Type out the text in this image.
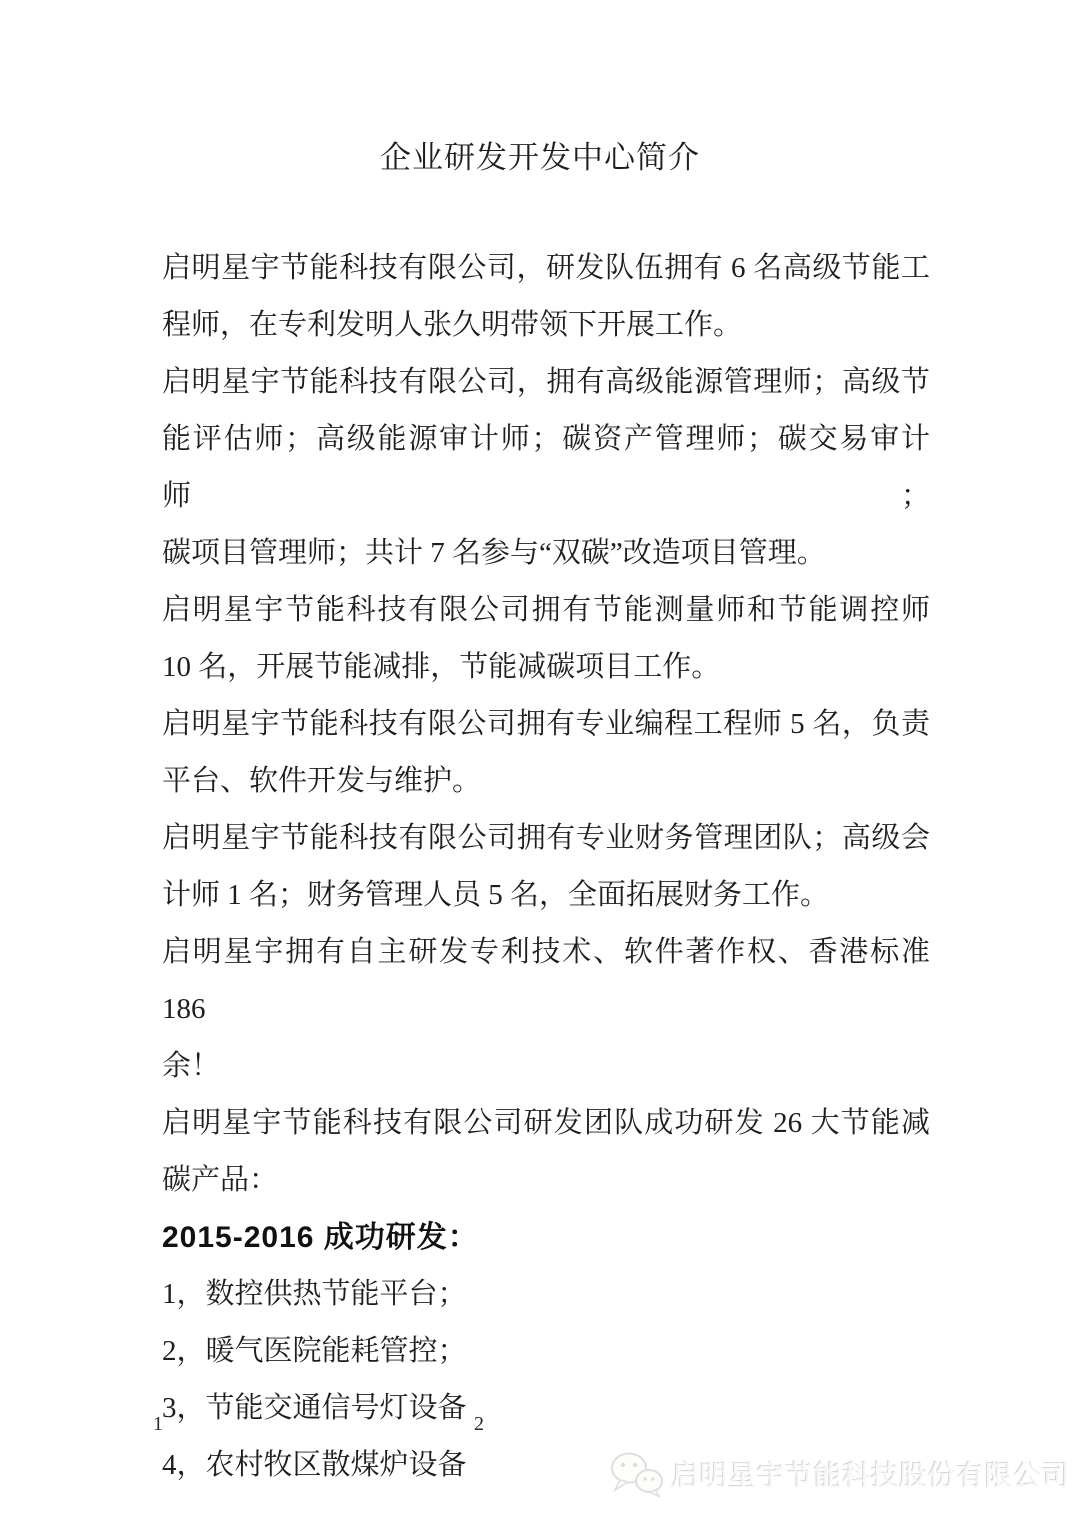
企业研发开发中心简介

启明星宇节能科技有限公司，研发队伍拥有 6 名高级节能工
程师，在专利发明人张久明带领下开展工作。

启明星宇节能科技有限公司，拥有高级能源管理师；高级节
能评估师；高级能源审计师；碳资产管理师；碳交易审计师；
碳项目管理师；共计 7 名参与“双碳”改造项目管理。

启明星宇节能科技有限公司拥有节能测量师和节能调控师
10 名，开展节能减排，节能减碳项目工作。

启明星宇节能科技有限公司拥有专业编程工程师 5 名，负责
平台、软件开发与维护。

启明星宇节能科技有限公司拥有专业财务管理团队；高级会
计师 1 名；财务管理人员 5 名，全面拓展财务工作。

启明星宇拥有自主研发专利技术、软件著作权、香港标准 186
余！

启明星宇节能科技有限公司研发团队成功研发 26 大节能减
碳产品：

2015-2016 成功研发：

1，数控供热节能平台；
2，暖气医院能耗管控；
3，节能交通信号灯设备
4，农村牧区散煤炉设备

1	2
启明星宇节能科技股份有限公司
